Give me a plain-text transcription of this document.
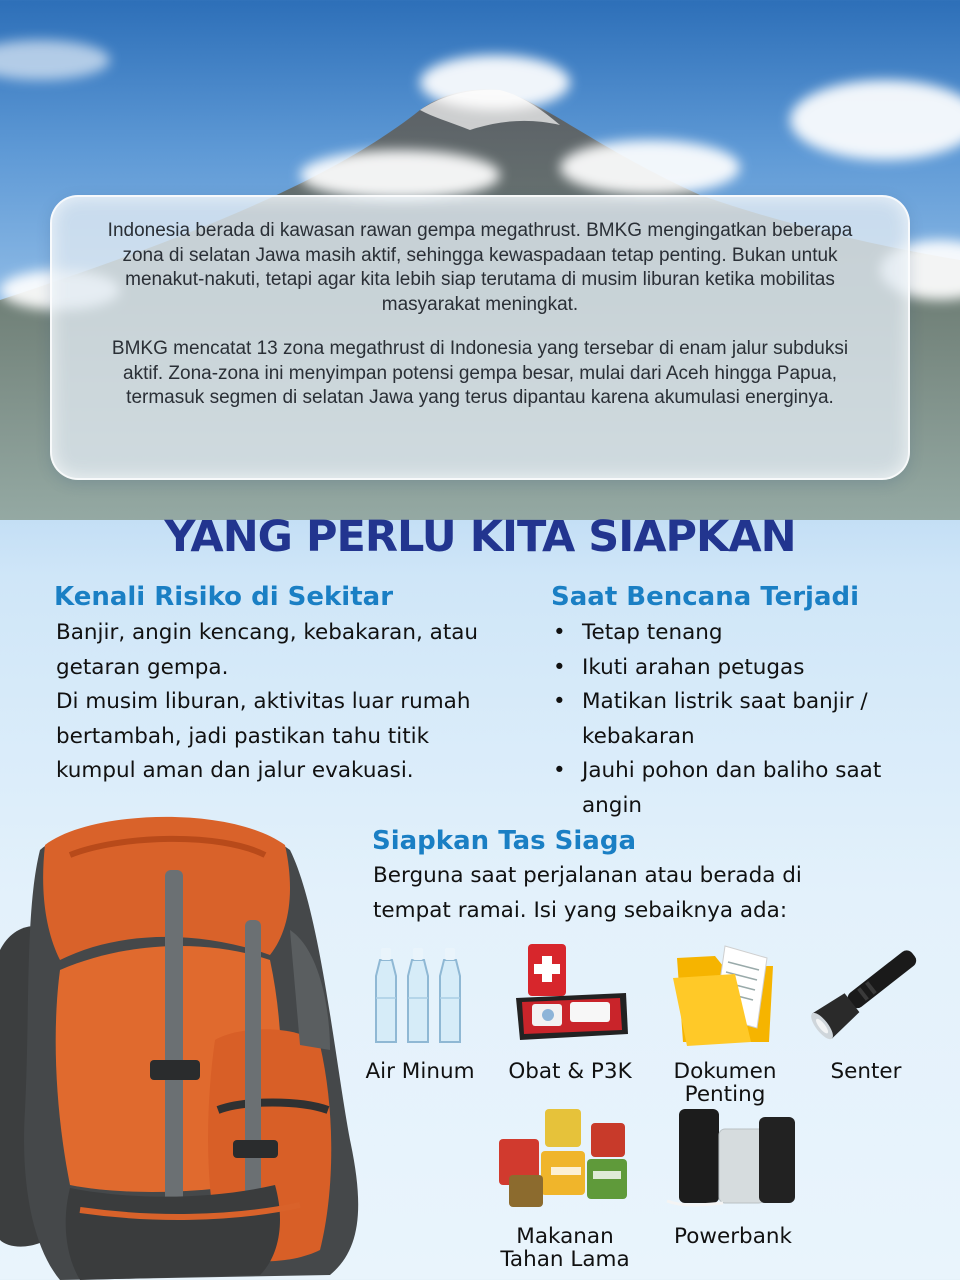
Indonesia berada di kawasan rawan gempa megathrust. BMKG mengingatkan beberapa zona di selatan Jawa masih aktif, sehingga kewaspadaan tetap penting. Bukan untuk menakut-nakuti, tetapi agar kita lebih siap terutama di musim liburan ketika mobilitas masyarakat meningkat.

BMKG mencatat 13 zona megathrust di Indonesia yang tersebar di enam jalur subduksi aktif. Zona-zona ini menyimpan potensi gempa besar, mulai dari Aceh hingga Papua, termasuk segmen di selatan Jawa yang terus dipantau karena akumulasi energinya.

YANG PERLU KITA SIAPKAN
Kenali Risiko di Sekitar

Banjir, angin kencang, kebakaran, atau getaran gempa.

Di musim liburan, aktivitas luar rumah bertambah, jadi pastikan tahu titik kumpul aman dan jalur evakuasi.

Saat Bencana Terjadi
• Tetap tenang
• Ikuti arahan petugas
• Matikan listrik saat banjir / kebakaran
• Jauhi pohon dan baliho saat angin
Siapkan Tas Siaga
Berguna saat perjalanan atau berada di tempat ramai. Isi yang sebaiknya ada:
Air Minum	Obat & P3K	Dokumen Penting
Senter
Makanan Tahan Lama
Powerbank
